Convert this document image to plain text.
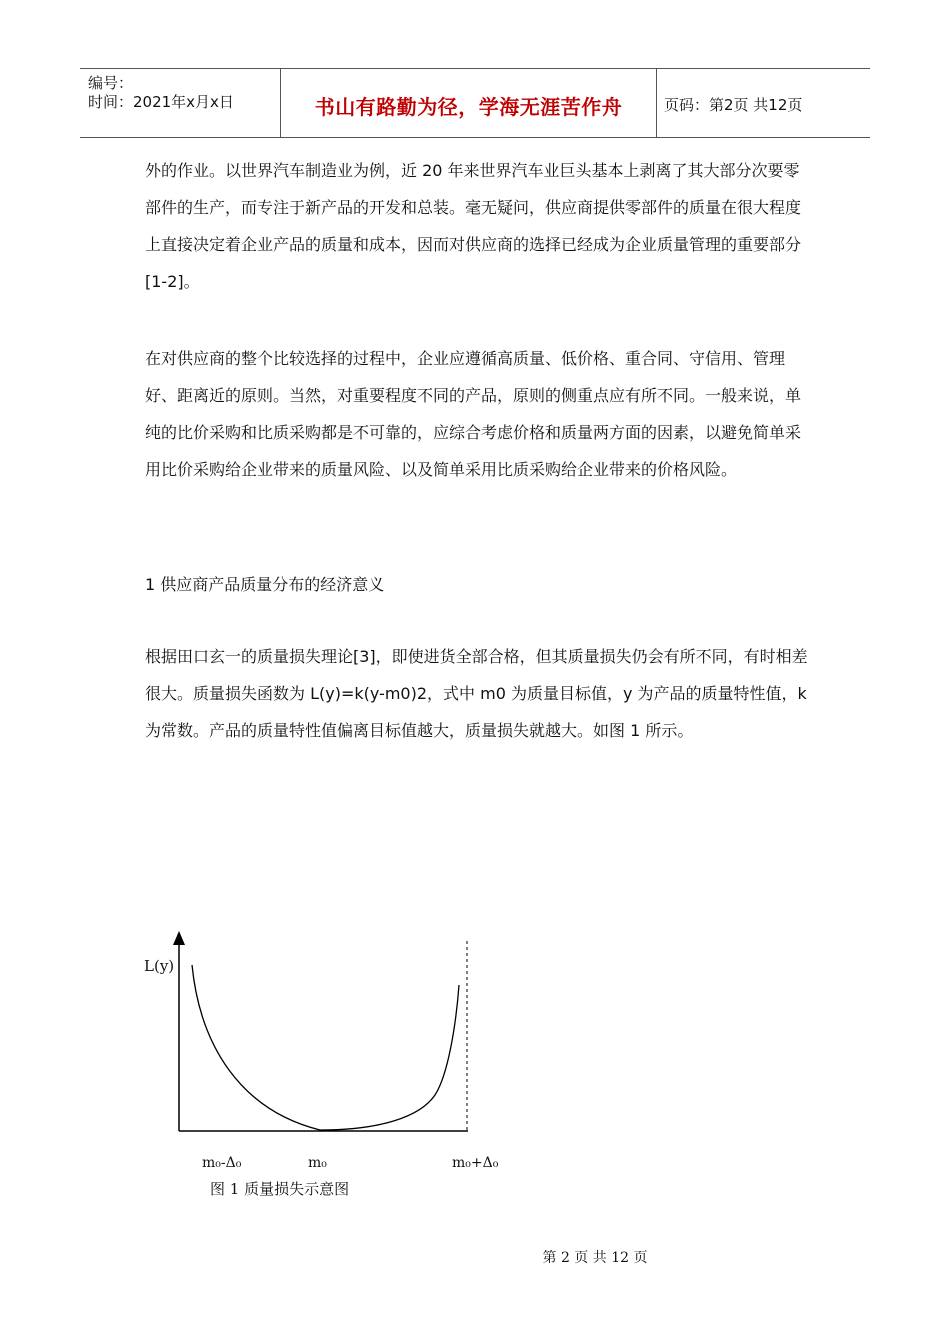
编号：
时间：2021年x月x日	书山有路勤为径，学海无涯苦作舟	页码：第2页 共12页

外的作业。以世界汽车制造业为例，近 20 年来世界汽车业巨头基本上剥离了其大部分次要零部件的生产，而专注于新产品的开发和总装。毫无疑问，供应商提供零部件的质量在很大程度上直接决定着企业产品的质量和成本，因而对供应商的选择已经成为企业质量管理的重要部分[1-2]。

在对供应商的整个比较选择的过程中，企业应遵循高质量、低价格、重合同、守信用、管理好、距离近的原则。当然，对重要程度不同的产品，原则的侧重点应有所不同。一般来说，单纯的比价采购和比质采购都是不可靠的，应综合考虑价格和质量两方面的因素，以避免简单采用比价采购给企业带来的质量风险、以及简单采用比质采购给企业带来的价格风险。

1 供应商产品质量分布的经济意义

根据田口玄一的质量损失理论[3]，即使进货全部合格，但其质量损失仍会有所不同，有时相差很大。质量损失函数为 L(y)=k(y-m0)2，式中 m0 为质量目标值，y 为产品的质量特性值，k 为常数。产品的质量特性值偏离目标值越大，质量损失就越大。如图 1 所示。

L(y)
m₀-Δ₀	m₀	m₀+Δ₀
图 1 质量损失示意图
第 2 页 共 12 页
